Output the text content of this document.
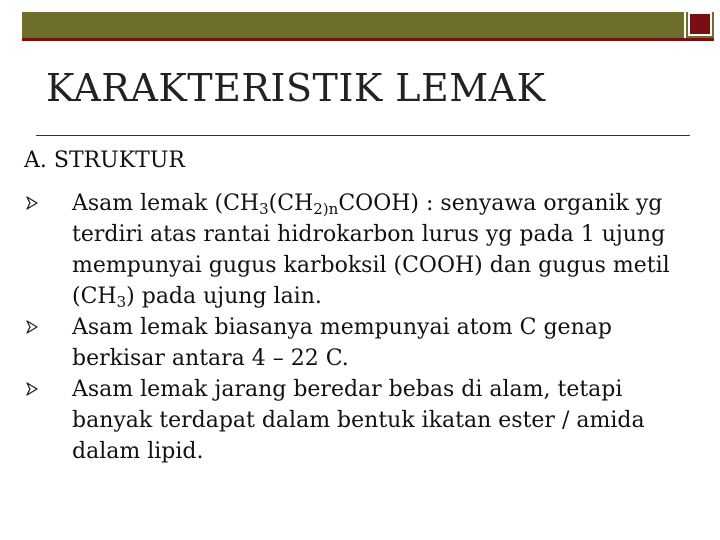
KARAKTERISTIK LEMAK

A. STRUKTUR

Asam lemak ($CH_3(CH_{2)n}COOH)$ : senyawa organik yg terdiri atas rantai hidrokarbon lurus yg pada 1 ujung mempunyai gugus karboksil (COOH) dan gugus metil $(CH_3)$ pada ujung lain.
Asam lemak biasanya mempunyai atom C genap berkisar antara 4 – 22 C.
Asam lemak jarang beredar bebas di alam, tetapi banyak terdapat dalam bentuk ikatan ester / amida dalam lipid.
